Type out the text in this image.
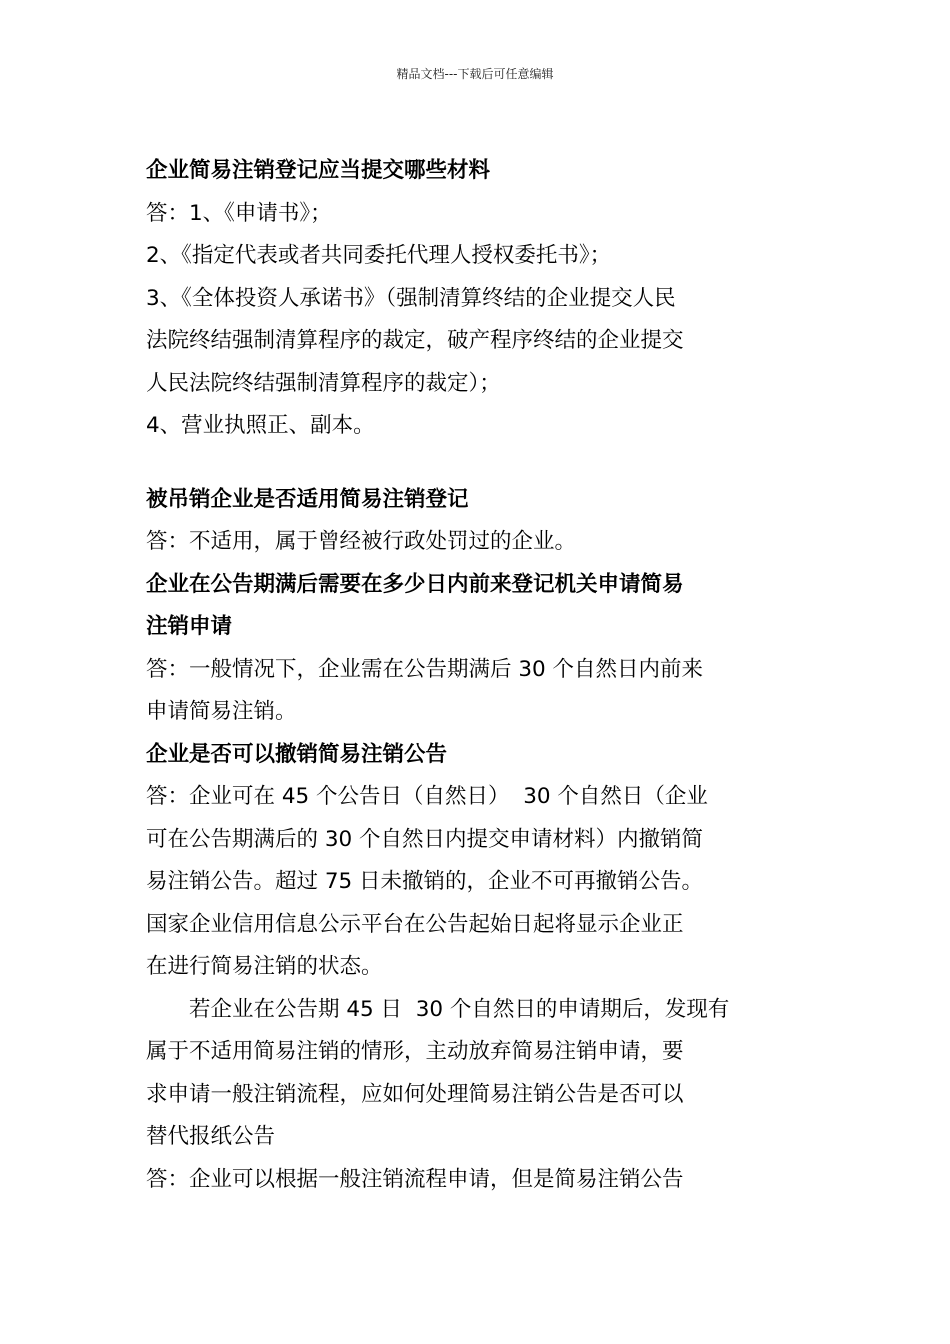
精品文档---下载后可任意编辑

企业简易注销登记应当提交哪些材料

答：1、《申请书》；

2、《指定代表或者共同委托代理人授权委托书》；

3、《全体投资人承诺书》（强制清算终结的企业提交人民

法院终结强制清算程序的裁定，破产程序终结的企业提交

人民法院终结强制清算程序的裁定）；

4、营业执照正、副本。

被吊销企业是否适用简易注销登记

答：不适用，属于曾经被行政处罚过的企业。

企业在公告期满后需要在多少日内前来登记机关申请简易

注销申请

答：一般情况下，企业需在公告期满后 30 个自然日内前来

申请简易注销。

企业是否可以撤销简易注销公告

答：企业可在 45 个公告日（自然日）  30 个自然日（企业

可在公告期满后的 30 个自然日内提交申请材料）内撤销简

易注销公告。超过 75 日未撤销的，企业不可再撤销公告。

国家企业信用信息公示平台在公告起始日起将显示企业正

在进行简易注销的状态。

若企业在公告期 45 日  30 个自然日的申请期后，发现有

属于不适用简易注销的情形，主动放弃简易注销申请，要

求申请一般注销流程，应如何处理简易注销公告是否可以

替代报纸公告

答：企业可以根据一般注销流程申请，但是简易注销公告
